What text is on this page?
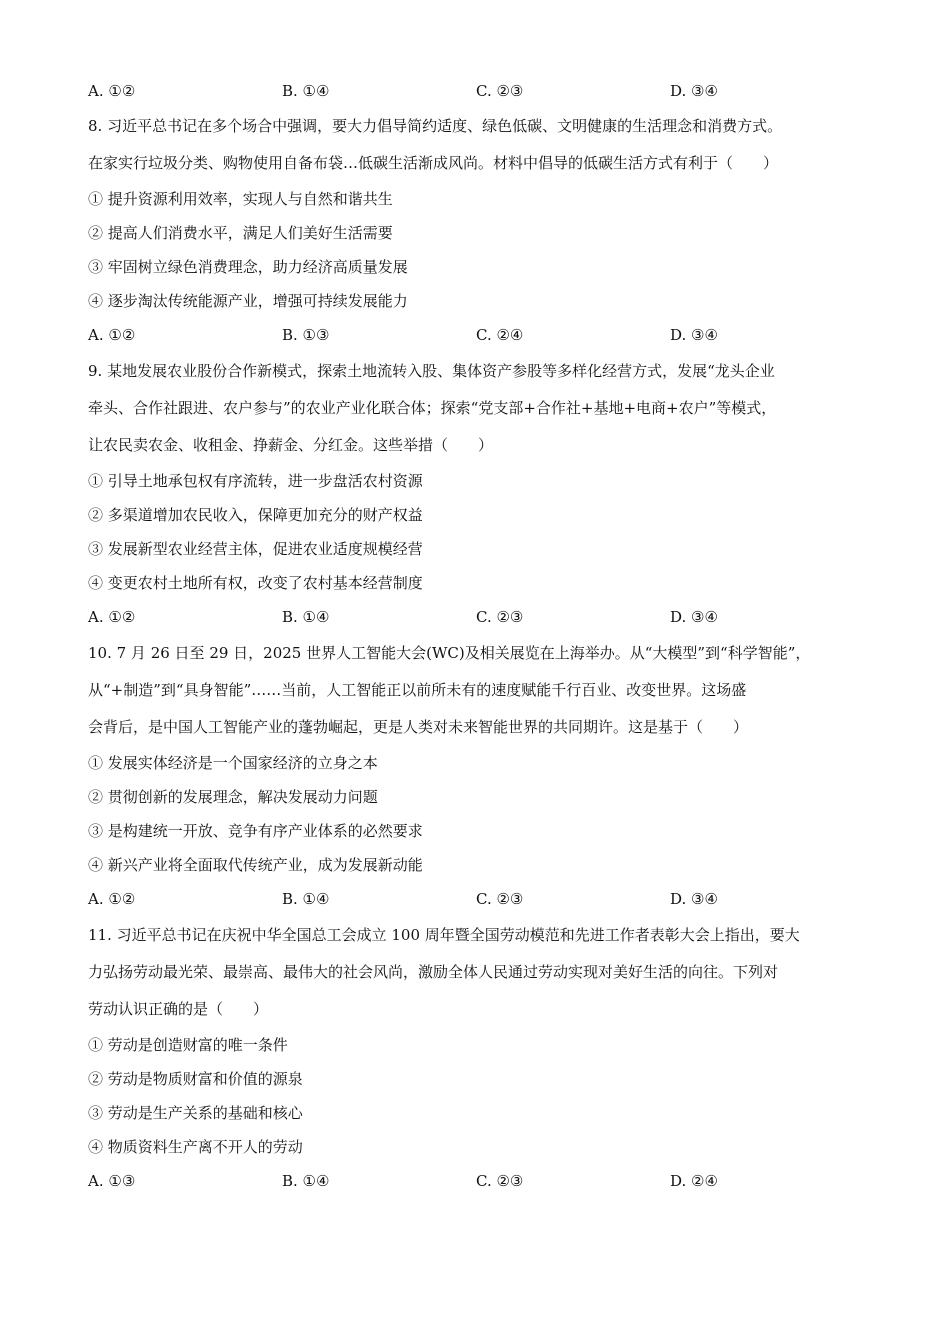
A. ①②	B. ①④	C. ②③	D. ③④
8. 习近平总书记在多个场合中强调，要大力倡导简约适度、绿色低碳、文明健康的生活理念和消费方式。
在家实行垃圾分类、购物使用自备布袋…低碳生活渐成风尚。材料中倡导的低碳生活方式有利于（　　）
① 提升资源利用效率，实现人与自然和谐共生
② 提高人们消费水平，满足人们美好生活需要
③ 牢固树立绿色消费理念，助力经济高质量发展
④ 逐步淘汰传统能源产业，增强可持续发展能力
A. ①②	B. ①③	C. ②④	D. ③④
9. 某地发展农业股份合作新模式，探索土地流转入股、集体资产参股等多样化经营方式，发展“龙头企业
牵头、合作社跟进、农户参与”的农业产业化联合体；探索“党支部+合作社+基地+电商+农户”等模式，
让农民卖农金、收租金、挣薪金、分红金。这些举措（　　）
① 引导土地承包权有序流转，进一步盘活农村资源
② 多渠道增加农民收入，保障更加充分的财产权益
③ 发展新型农业经营主体，促进农业适度规模经营
④ 变更农村土地所有权，改变了农村基本经营制度
A. ①②	B. ①④	C. ②③	D. ③④
10. 7 月 26 日至 29 日，2025 世界人工智能大会(WC)及相关展览在上海举办。从“大模型”到“科学智能”，
从“+制造”到“具身智能”……当前，人工智能正以前所未有的速度赋能千行百业、改变世界。这场盛
会背后，是中国人工智能产业的蓬勃崛起，更是人类对未来智能世界的共同期许。这是基于（　　）
① 发展实体经济是一个国家经济的立身之本
② 贯彻创新的发展理念，解决发展动力问题
③ 是构建统一开放、竞争有序产业体系的必然要求
④ 新兴产业将全面取代传统产业，成为发展新动能
A. ①②	B. ①④	C. ②③	D. ③④
11. 习近平总书记在庆祝中华全国总工会成立 100 周年暨全国劳动模范和先进工作者表彰大会上指出，要大
力弘扬劳动最光荣、最崇高、最伟大的社会风尚，激励全体人民通过劳动实现对美好生活的向往。下列对
劳动认识正确的是（　　）
① 劳动是创造财富的唯一条件
② 劳动是物质财富和价值的源泉
③ 劳动是生产关系的基础和核心
④ 物质资料生产离不开人的劳动
A. ①③	B. ①④	C. ②③	D. ②④
